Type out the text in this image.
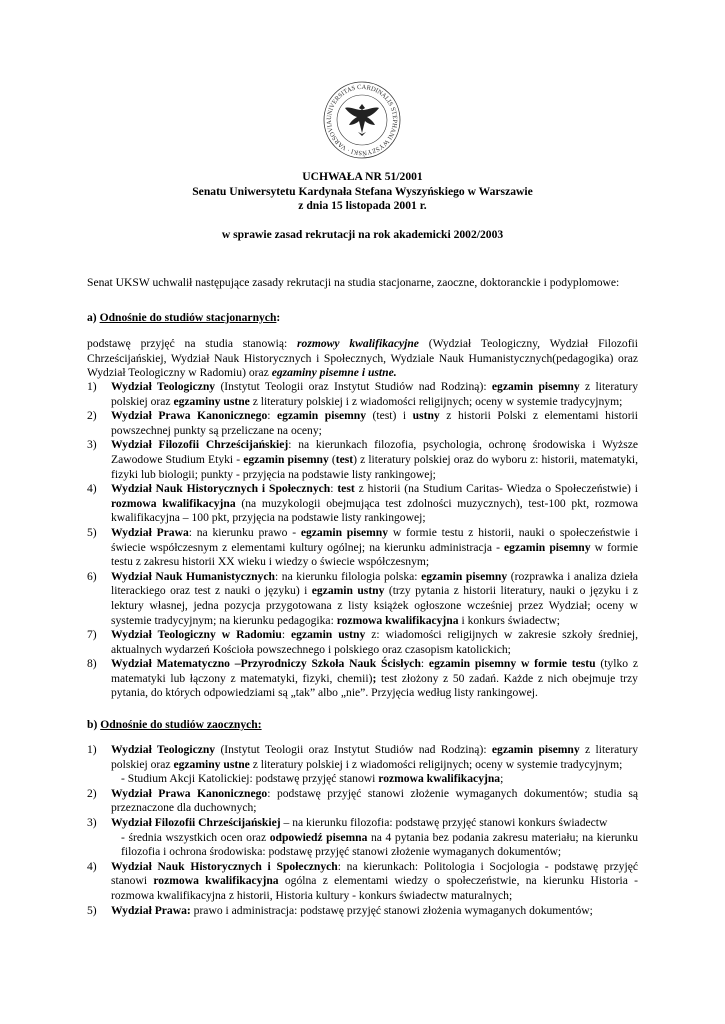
UNIVERSITAS CARDINALIS STEPHANI WYSZYŃSKI · VARSOVIA
UCHWAŁA NR 51/2001
Senatu Uniwersytetu Kardynała Stefana Wyszyńskiego w Warszawie
z dnia 15 listopada 2001 r.
w sprawie zasad rekrutacji na rok akademicki 2002/2003
Senat UKSW uchwalił następujące zasady rekrutacji na studia stacjonarne, zaoczne, doktoranckie i podyplomowe:
a) Odnośnie do studiów stacjonarnych:
podstawę przyjęć na studia stanowią: rozmowy kwalifikacyjne (Wydział Teologiczny, Wydział Filozofii Chrześcijańskiej, Wydział Nauk Historycznych i Społecznych, Wydziale Nauk Humanistycznych(pedagogika) oraz Wydział Teologiczny w Radomiu) oraz egzaminy pisemne i ustne.
1) Wydział Teologiczny (Instytut Teologii oraz Instytut Studiów nad Rodziną): egzamin pisemny z literatury polskiej oraz egzaminy ustne z literatury polskiej i z wiadomości religijnych; oceny w systemie tradycyjnym;
2) Wydział Prawa Kanonicznego: egzamin pisemny (test) i ustny z historii Polski z elementami historii powszechnej punkty są przeliczane na oceny;
3) Wydział Filozofii Chrześcijańskiej: na kierunkach filozofia, psychologia, ochronę środowiska i Wyższe Zawodowe Studium Etyki - egzamin pisemny (test) z literatury polskiej oraz do wyboru z: historii, matematyki, fizyki lub biologii; punkty - przyjęcia na podstawie listy rankingowej;
4) Wydział Nauk Historycznych i Społecznych: test z historii (na Studium Caritas- Wiedza o Społeczeństwie) i rozmowa kwalifikacyjna (na muzykologii obejmująca test zdolności muzycznych), test-100 pkt, rozmowa kwalifikacyjna – 100 pkt, przyjęcia na podstawie listy rankingowej;
5) Wydział Prawa: na kierunku prawo - egzamin pisemny w formie testu z historii, nauki o społeczeństwie i świecie współczesnym z elementami kultury ogólnej; na kierunku administracja - egzamin pisemny w formie testu z zakresu historii XX wieku i wiedzy o świecie współczesnym;
6) Wydział Nauk Humanistycznych: na kierunku filologia polska: egzamin pisemny (rozprawka i analiza dzieła literackiego oraz test z nauki o języku) i egzamin ustny (trzy pytania z historii literatury, nauki o języku i z lektury własnej, jedna pozycja przygotowana z listy książek ogłoszone wcześniej przez Wydział; oceny w systemie tradycyjnym; na kierunku pedagogika: rozmowa kwalifikacyjna i konkurs świadectw;
7) Wydział Teologiczny w Radomiu: egzamin ustny z: wiadomości religijnych w zakresie szkoły średniej, aktualnych wydarzeń Kościoła powszechnego i polskiego oraz czasopism katolickich;
8) Wydział Matematyczno –Przyrodniczy Szkoła Nauk Ścisłych: egzamin pisemny w formie testu (tylko z matematyki lub łączony z matematyki, fizyki, chemii); test złożony z 50 zadań. Każde z nich obejmuje trzy pytania, do których odpowiedziami są „tak” albo „nie”. Przyjęcia według listy rankingowej.
b) Odnośnie do studiów zaocznych:
1) Wydział Teologiczny (Instytut Teologii oraz Instytut Studiów nad Rodziną): egzamin pisemny z literatury polskiej oraz egzaminy ustne z literatury polskiej i z wiadomości religijnych; oceny w systemie tradycyjnym;
- Studium Akcji Katolickiej: podstawę przyjęć stanowi rozmowa kwalifikacyjna;
2) Wydział Prawa Kanonicznego: podstawę przyjęć stanowi złożenie wymaganych dokumentów; studia są przeznaczone dla duchownych;
3) Wydział Filozofii Chrześcijańskiej – na kierunku filozofia: podstawę przyjęć stanowi konkurs świadectw
- średnia wszystkich ocen oraz odpowiedź pisemna na 4 pytania bez podania zakresu materiału; na kierunku filozofia i ochrona środowiska: podstawę przyjęć stanowi złożenie wymaganych dokumentów;
4) Wydział Nauk Historycznych i Społecznych: na kierunkach: Politologia i Socjologia - podstawę przyjęć stanowi rozmowa kwalifikacyjna ogólna z elementami wiedzy o społeczeństwie, na kierunku Historia - rozmowa kwalifikacyjna z historii, Historia kultury - konkurs świadectw maturalnych;
5) Wydział Prawa: prawo i administracja: podstawę przyjęć stanowi złożenia wymaganych dokumentów;
